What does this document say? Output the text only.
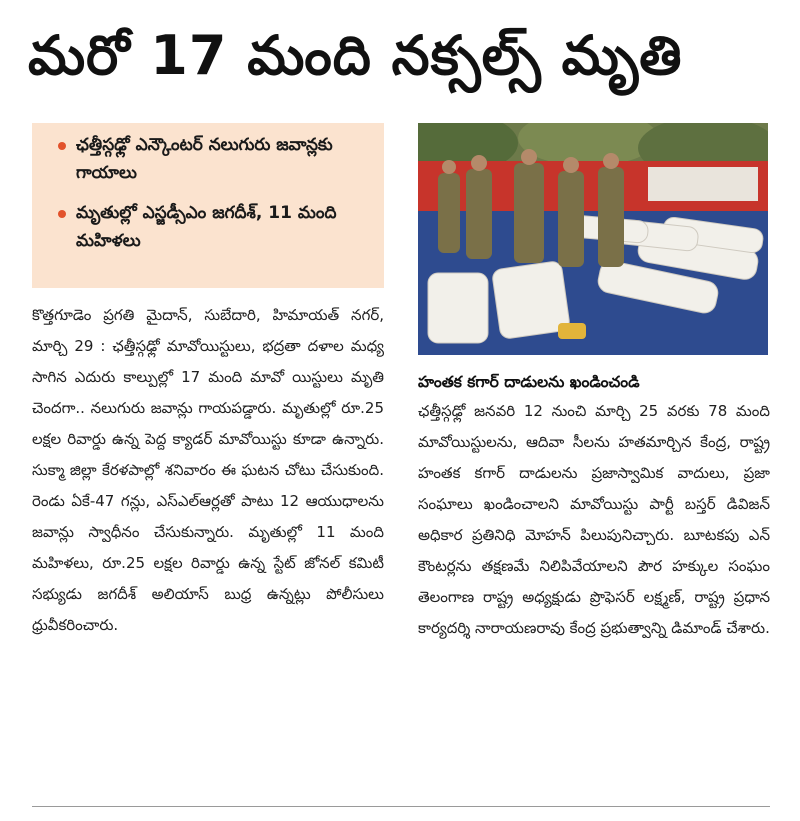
మరో 17 మంది నక్సల్స్ మృతి
ఛత్తీస్గఢ్లో ఎన్కౌంటర్ నలుగురు జవాన్లకు గాయాలు
మృతుల్లో ఎస్జడ్సీఎం జగదీశ్, 11 మంది మహిళలు
కొత్తగూడెం ప్రగతి మైదాన్, సుబేదారి, హిమాయత్ నగర్, మార్చి 29 : ఛత్తీస్గఢ్లో మావోయిస్టులు, భద్రతా దళాల మధ్య సాగిన ఎదురు కాల్పుల్లో 17 మంది మావో యిస్టులు మృతి చెందగా.. నలుగురు జవాన్లు గాయపడ్డారు. మృతుల్లో రూ.25 లక్షల రివార్డు ఉన్న పెద్ద క్యాడర్ మావోయిస్టు కూడా ఉన్నారు. సుక్మా జిల్లా కేరళపాల్లో శనివారం ఈ ఘటన చోటు చేసుకుంది. రెండు ఏకే-47 గన్లు, ఎస్ఎల్ఆర్లతో పాటు 12 ఆయుధాలను జవాన్లు స్వాధీనం చేసుకున్నారు. మృతుల్లో 11 మంది మహిళలు, రూ.25 లక్షల రివార్డు ఉన్న స్టేట్ జోనల్ కమిటీ సభ్యుడు జగదీశ్ అలియాస్ బుధ్ర ఉన్నట్లు పోలీసులు ధ్రువీకరించారు.
హంతక కగార్ దాడులను ఖండించండి
ఛత్తీస్గఢ్లో జనవరి 12 నుంచి మార్చి 25 వరకు 78 మంది మావోయిస్టులను, ఆదివా సీలను హతమార్చిన కేంద్ర, రాష్ట్ర హంతక కగార్ దాడులను ప్రజాస్వామిక వాదులు, ప్రజా సంఘాలు ఖండించాలని మావోయిస్టు పార్టీ బస్తర్ డివిజన్ అధికార ప్రతినిధి మోహన్ పిలుపునిచ్చారు. బూటకపు ఎన్ కౌంటర్లను తక్షణమే నిలిపివేయాలని పౌర హక్కుల సంఘం తెలంగాణ రాష్ట్ర అధ్యక్షుడు ప్రొఫెసర్ లక్ష్మణ్, రాష్ట్ర ప్రధాన కార్యదర్శి నారాయణరావు కేంద్ర ప్రభుత్వాన్ని డిమాండ్ చేశారు.
